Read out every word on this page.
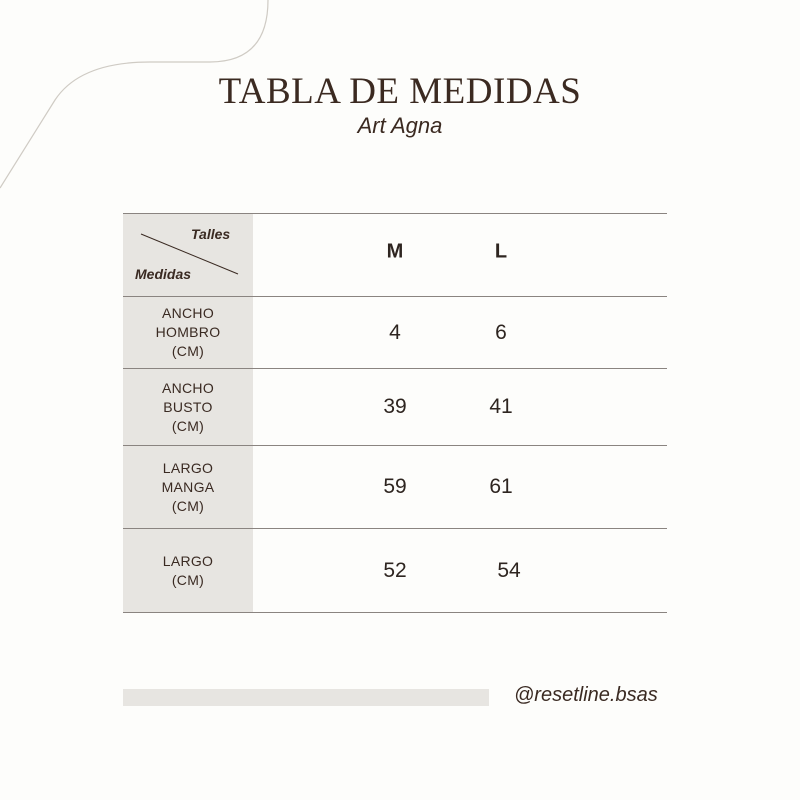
TABLA DE MEDIDAS
Art Agna
Talles
Medidas
M	L
ANCHO
HOMBRO
(CM)
4	6
ANCHO
BUSTO
(CM)
39	41
LARGO
MANGA
(CM)
59	61
LARGO
(CM)	52	54
@resetline.bsas
